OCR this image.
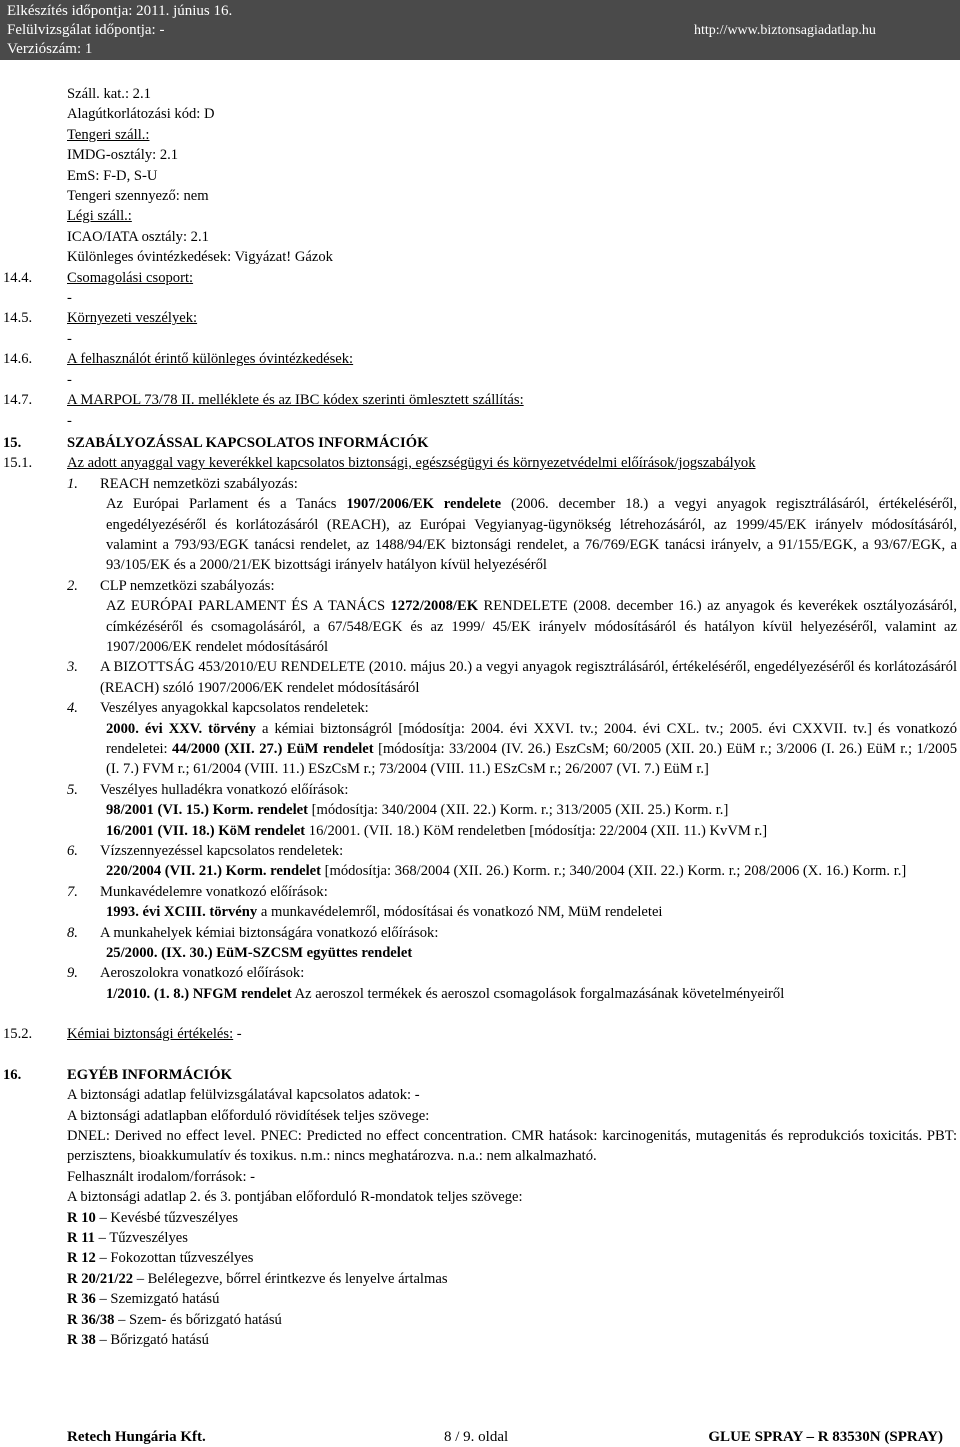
Elkészítés időpontja: 2011. június 16.
Felülvizsgálat időpontja: -
Verziószám: 1
http://www.biztonsagiadatlap.hu
Száll. kat.: 2.1
Alagútkorlátozási kód: D
Tengeri száll.:
IMDG-osztály: 2.1
EmS: F-D, S-U
Tengeri szennyező: nem
Légi száll.:
ICAO/IATA osztály: 2.1
Különleges óvintézkedések: Vigyázat! Gázok
14.4. Csomagolási csoport:
-
14.5. Környezeti veszélyek:
-
14.6. A felhasználót érintő különleges óvintézkedések:
-
14.7. A MARPOL 73/78 II. melléklete és az IBC kódex szerinti ömlesztett szállítás:
-
15.	SZABÁLYOZÁSSAL KAPCSOLATOS INFORMÁCIÓK
15.1. Az adott anyaggal vagy keverékkel kapcsolatos biztonsági, egészségügyi és környezetvédelmi előírások/jogszabályok
1. REACH nemzetközi szabályozás:
Az Európai Parlament és a Tanács 1907/2006/EK rendelete (2006. december 18.) a vegyi anyagok regisztrálásáról, értékeléséről, engedélyezéséről és korlátozásáról (REACH), az Európai Vegyianyag-ügynökség létrehozásáról, az 1999/45/EK irányelv módosításáról, valamint a 793/93/EGK tanácsi rendelet, az 1488/94/EK biztonsági rendelet, a 76/769/EGK tanácsi irányelv, a 91/155/EGK, a 93/67/EGK, a 93/105/EK és a 2000/21/EK bizottsági irányelv hatályon kívül helyezéséről
2. CLP nemzetközi szabályozás:
AZ EURÓPAI PARLAMENT ÉS A TANÁCS 1272/2008/EK RENDELETE (2008. december 16.) az anyagok és keverékek osztályozásáról, címkézéséről és csomagolásáról, a 67/548/EGK és az 1999/ 45/EK irányelv módosításáról és hatályon kívül helyezéséről, valamint az 1907/2006/EK rendelet módosításáról
3. A BIZOTTSÁG 453/2010/EU RENDELETE (2010. május 20.) a vegyi anyagok regisztrálásáról, értékeléséről, engedélyezéséről és korlátozásáról (REACH) szóló 1907/2006/EK rendelet módosításáról
4. Veszélyes anyagokkal kapcsolatos rendeletek:
2000. évi XXV. törvény a kémiai biztonságról [módosítja: 2004. évi XXVI. tv.; 2004. évi CXL. tv.; 2005. évi CXXVII. tv.] és vonatkozó rendeletei: 44/2000 (XII. 27.) EüM rendelet [módosítja: 33/2004 (IV. 26.) EszCsM; 60/2005 (XII. 20.) EüM r.; 3/2006 (I. 26.) EüM r.; 1/2005 (I. 7.) FVM r.; 61/2004 (VIII. 11.) ESzCsM r.; 73/2004 (VIII. 11.) ESzCsM r.; 26/2007 (VI. 7.) EüM r.]
5. Veszélyes hulladékra vonatkozó előírások:
98/2001 (VI. 15.) Korm. rendelet [módosítja: 340/2004 (XII. 22.) Korm. r.; 313/2005 (XII. 25.) Korm. r.]
16/2001 (VII. 18.) KöM rendelet 16/2001. (VII. 18.) KöM rendeletben [módosítja: 22/2004 (XII. 11.) KvVM r.]
6. Vízszennyezéssel kapcsolatos rendeletek:
220/2004 (VII. 21.) Korm. rendelet [módosítja: 368/2004 (XII. 26.) Korm. r.; 340/2004 (XII. 22.) Korm. r.; 208/2006 (X. 16.) Korm. r.]
7. Munkavédelemre vonatkozó előírások:
1993. évi XCIII. törvény a munkavédelemről, módosításai és vonatkozó NM, MüM rendeletei
8. A munkahelyek kémiai biztonságára vonatkozó előírások:
25/2000. (IX. 30.) EüM-SZCSM együttes rendelet
9. Aeroszolokra vonatkozó előírások:
1/2010. (1. 8.) NFGM rendelet Az aeroszol termékek és aeroszol csomagolások forgalmazásának követelményeiről
15.2. Kémiai biztonsági értékelés: -
16.	EGYÉB INFORMÁCIÓK
A biztonsági adatlap felülvizsgálatával kapcsolatos adatok: -
A biztonsági adatlapban előforduló rövidítések teljes szövege:
DNEL: Derived no effect level. PNEC: Predicted no effect concentration. CMR hatások: karcinogenitás, mutagenitás és reprodukciós toxicitás. PBT: perzisztens, bioakkumulatív és toxikus. n.m.: nincs meghatározva. n.a.: nem alkalmazható.
Felhasznált irodalom/források: -
A biztonsági adatlap 2. és 3. pontjában előforduló R-mondatok teljes szövege:
R 10 – Kevésbé tűzveszélyes
R 11 – Tűzveszélyes
R 12 – Fokozottan tűzveszélyes
R 20/21/22 – Belélegezve, bőrrel érintkezve és lenyelve ártalmas
R 36 – Szemizgató hatású
R 36/38 – Szem- és bőrizgató hatású
R 38 – Bőrizgató hatású
Retech Hungária Kft.	8 / 9. oldal	GLUE SPRAY – R 83530N (SPRAY)
